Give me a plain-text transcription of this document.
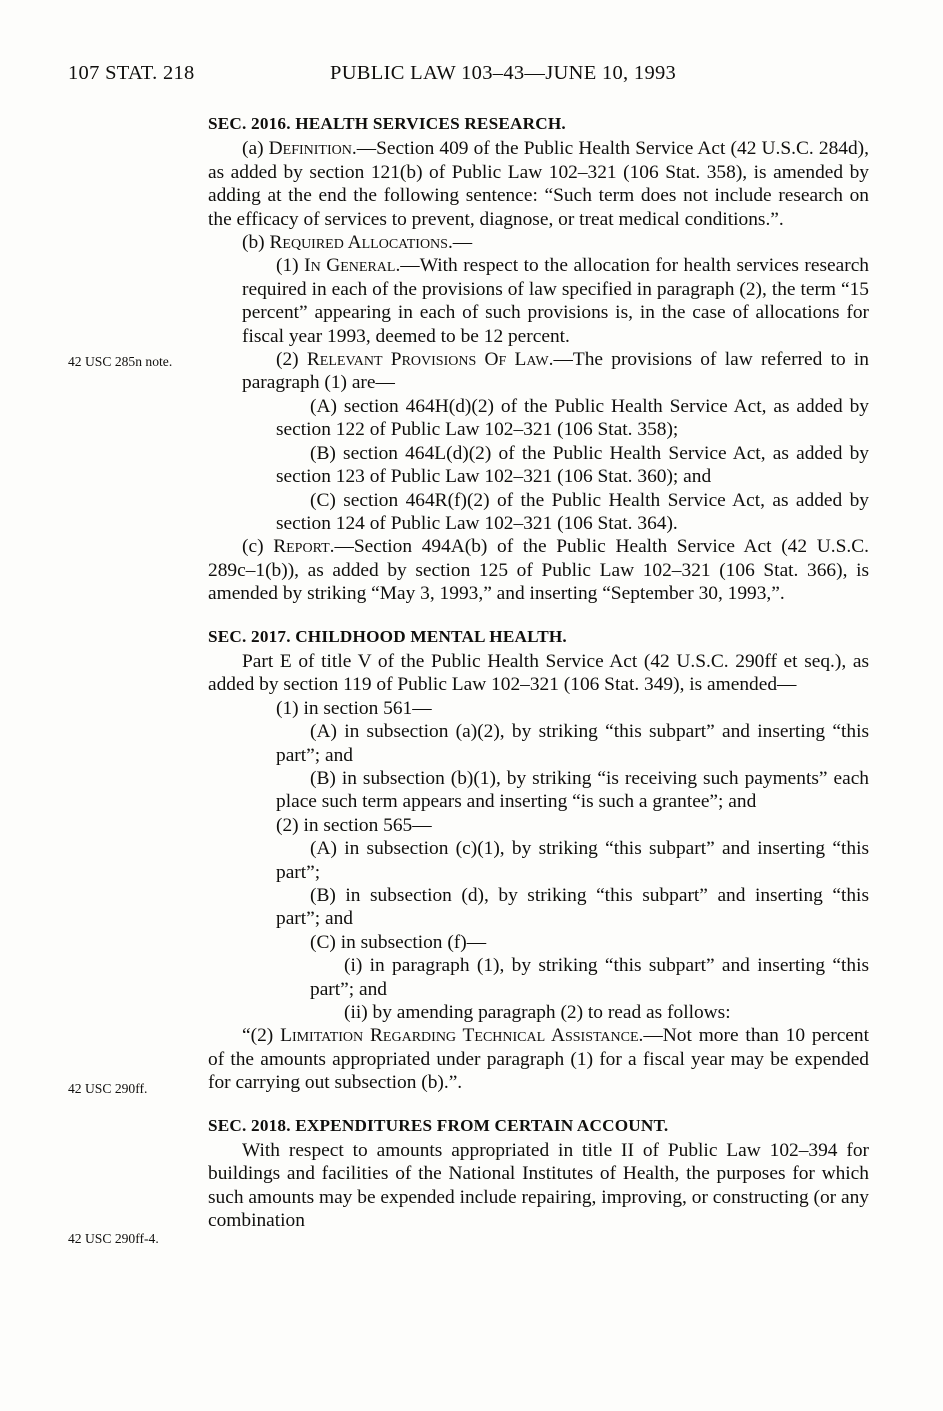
107 STAT. 218	PUBLIC LAW 103–43—JUNE 10, 1993
42 USC 285n note.
42 USC 290ff.
42 USC 290ff-4.

SEC. 2016. HEALTH SERVICES RESEARCH.

(a) Definition.—Section 409 of the Public Health Service Act (42 U.S.C. 284d), as added by section 121(b) of Public Law 102–321 (106 Stat. 358), is amended by adding at the end the following sentence: “Such term does not include research on the efficacy of services to prevent, diagnose, or treat medical conditions.”.

(b) Required Allocations.—

(1) In General.—With respect to the allocation for health services research required in each of the provisions of law specified in paragraph (2), the term “15 percent” appearing in each of such provisions is, in the case of allocations for fiscal year 1993, deemed to be 12 percent.

(2) Relevant Provisions Of Law.—The provisions of law referred to in paragraph (1) are—

(A) section 464H(d)(2) of the Public Health Service Act, as added by section 122 of Public Law 102–321 (106 Stat. 358);

(B) section 464L(d)(2) of the Public Health Service Act, as added by section 123 of Public Law 102–321 (106 Stat. 360); and

(C) section 464R(f)(2) of the Public Health Service Act, as added by section 124 of Public Law 102–321 (106 Stat. 364).

(c) Report.—Section 494A(b) of the Public Health Service Act (42 U.S.C. 289c–1(b)), as added by section 125 of Public Law 102–321 (106 Stat. 366), is amended by striking “May 3, 1993,” and inserting “September 30, 1993,”.

SEC. 2017. CHILDHOOD MENTAL HEALTH.

Part E of title V of the Public Health Service Act (42 U.S.C. 290ff et seq.), as added by section 119 of Public Law 102–321 (106 Stat. 349), is amended—

(1) in section 561—

(A) in subsection (a)(2), by striking “this subpart” and inserting “this part”; and

(B) in subsection (b)(1), by striking “is receiving such payments” each place such term appears and inserting “is such a grantee”; and

(2) in section 565—

(A) in subsection (c)(1), by striking “this subpart” and inserting “this part”;

(B) in subsection (d), by striking “this subpart” and inserting “this part”; and

(C) in subsection (f)—

(i) in paragraph (1), by striking “this subpart” and inserting “this part”; and

(ii) by amending paragraph (2) to read as follows:

“(2) Limitation Regarding Technical Assistance.—Not more than 10 percent of the amounts appropriated under paragraph (1) for a fiscal year may be expended for carrying out subsection (b).”.

SEC. 2018. EXPENDITURES FROM CERTAIN ACCOUNT.

With respect to amounts appropriated in title II of Public Law 102–394 for buildings and facilities of the National Institutes of Health, the purposes for which such amounts may be expended include repairing, improving, or constructing (or any combination
